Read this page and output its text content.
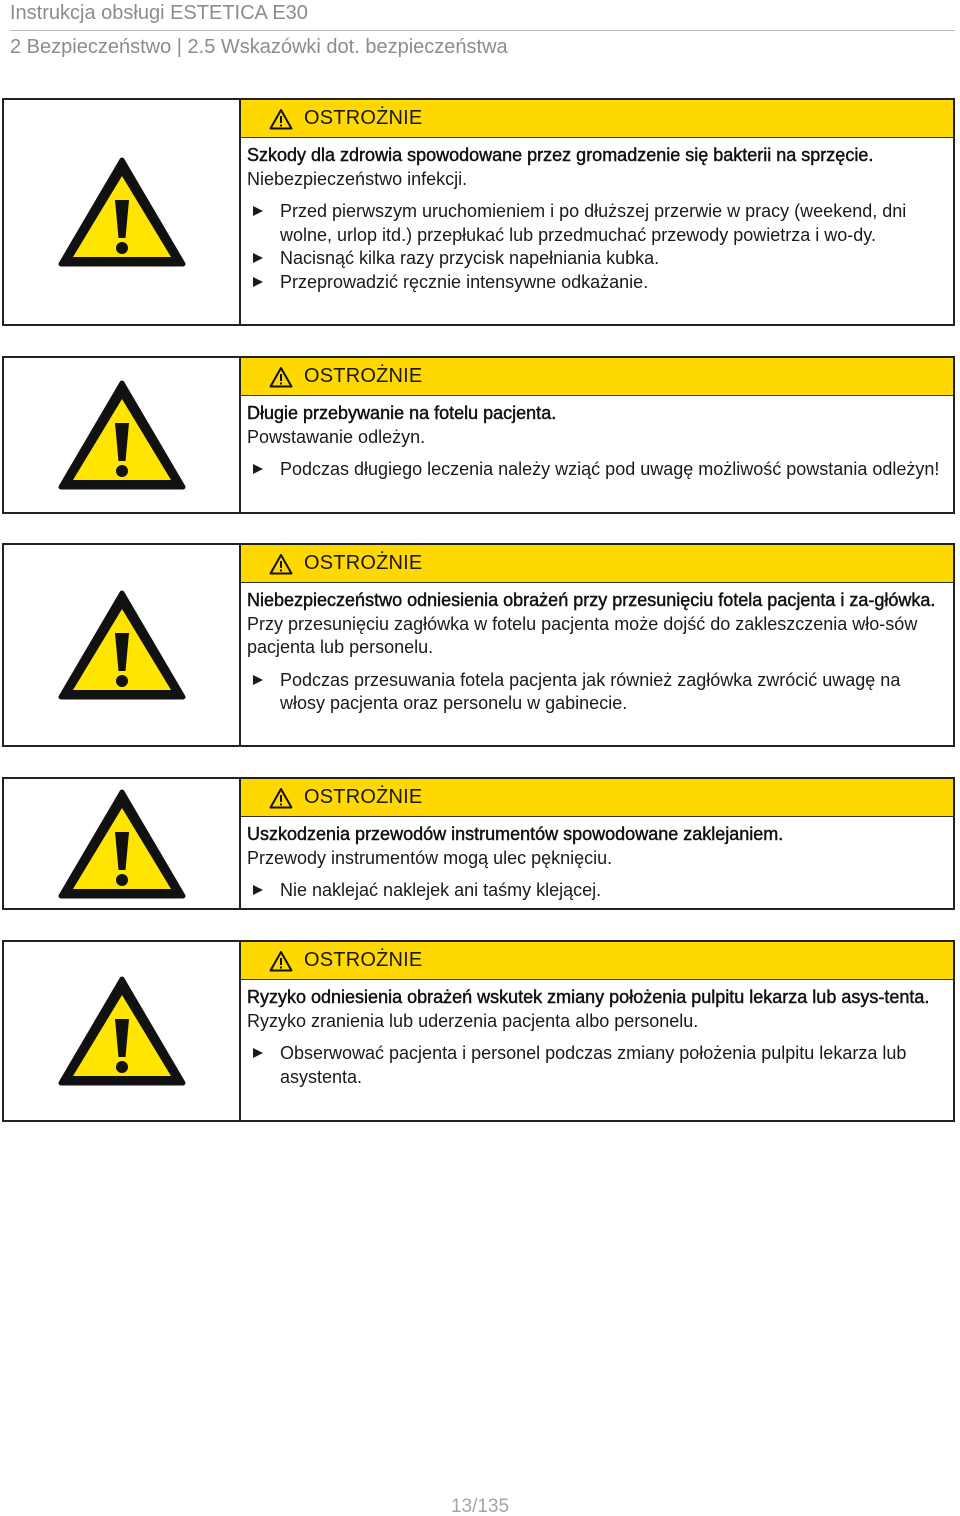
Instrukcja obsługi ESTETICA E30
2 Bezpieczeństwo | 2.5 Wskazówki dot. bezpieczeństwa
OSTROŻNIE
Szkody dla zdrowia spowodowane przez gromadzenie się bakterii na sprzęcie.
Niebezpieczeństwo infekcji.
Przed pierwszym uruchomieniem i po dłuższej przerwie w pracy (weekend, dni wolne, urlop itd.) przepłukać lub przedmuchać przewody powietrza i wo-dy.
Nacisnąć kilka razy przycisk napełniania kubka.
Przeprowadzić ręcznie intensywne odkażanie.
OSTROŻNIE
Długie przebywanie na fotelu pacjenta.
Powstawanie odleżyn.
Podczas długiego leczenia należy wziąć pod uwagę możliwość powstania odleżyn!
OSTROŻNIE
Niebezpieczeństwo odniesienia obrażeń przy przesunięciu fotela pacjenta i za-główka.
Przy przesunięciu zagłówka w fotelu pacjenta może dojść do zakleszczenia wło-sów pacjenta lub personelu.
Podczas przesuwania fotela pacjenta jak również zagłówka zwrócić uwagę na włosy pacjenta oraz personelu w gabinecie.
OSTROŻNIE
Uszkodzenia przewodów instrumentów spowodowane zaklejaniem.
Przewody instrumentów mogą ulec pęknięciu.
Nie naklejać naklejek ani taśmy klejącej.
OSTROŻNIE
Ryzyko odniesienia obrażeń wskutek zmiany położenia pulpitu lekarza lub asys-tenta.
Ryzyko zranienia lub uderzenia pacjenta albo personelu.
Obserwować pacjenta i personel podczas zmiany położenia pulpitu lekarza lub asystenta.
13/135
